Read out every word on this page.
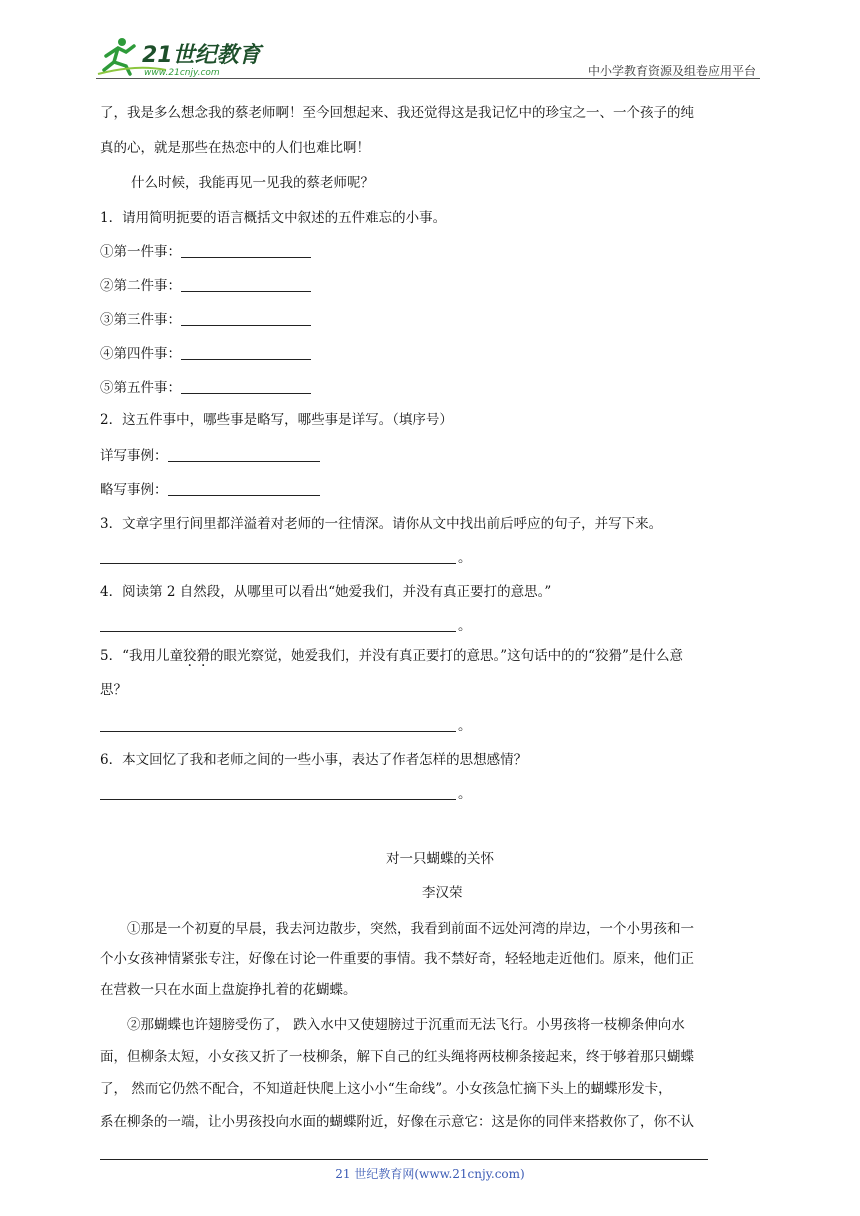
21世纪教育
www.21cnjy.com	中小学教育资源及组卷应用平台
了，我是多么想念我的蔡老师啊！至今回想起来、我还觉得这是我记忆中的珍宝之一、一个孩子的纯
真的心，就是那些在热恋中的人们也难比啊！
什么时候，我能再见一见我的蔡老师呢？
1．请用简明扼要的语言概括文中叙述的五件难忘的小事。
①第一件事：
②第二件事：
③第三件事：
④第四件事：
⑤第五件事：
2．这五件事中，哪些事是略写，哪些事是详写。（填序号）
详写事例：
略写事例：
3．文章字里行间里都洋溢着对老师的一往情深。请你从文中找出前后呼应的句子，并写下来。
。
4．阅读第 2 自然段，从哪里可以看出“她爱我们，并没有真正要打的意思。”
。
5．“我用儿童狡猾的眼光察觉，她爱我们，并没有真正要打的意思。”这句话中的的“狡猾”是什么意
思？
。
6．本文回忆了我和老师之间的一些小事，表达了作者怎样的思想感情？
。
对一只蝴蝶的关怀
李汉荣
①那是一个初夏的早晨，我去河边散步，突然，我看到前面不远处河湾的岸边，一个小男孩和一
个小女孩神情紧张专注，好像在讨论一件重要的事情。我不禁好奇，轻轻地走近他们。原来，他们正
在营救一只在水面上盘旋挣扎着的花蝴蝶。
②那蝴蝶也许翅膀受伤了， 跌入水中又使翅膀过于沉重而无法飞行。小男孩将一枝柳条伸向水
面，但柳条太短，小女孩又折了一枝柳条，解下自己的红头绳将两枝柳条接起来，终于够着那只蝴蝶
了， 然而它仍然不配合，不知道赶快爬上这小小“生命线”。小女孩急忙摘下头上的蝴蝶形发卡，
系在柳条的一端，让小男孩投向水面的蝴蝶附近，好像在示意它：这是你的同伴来搭救你了，你不认
21 世纪教育网(www.21cnjy.com)
